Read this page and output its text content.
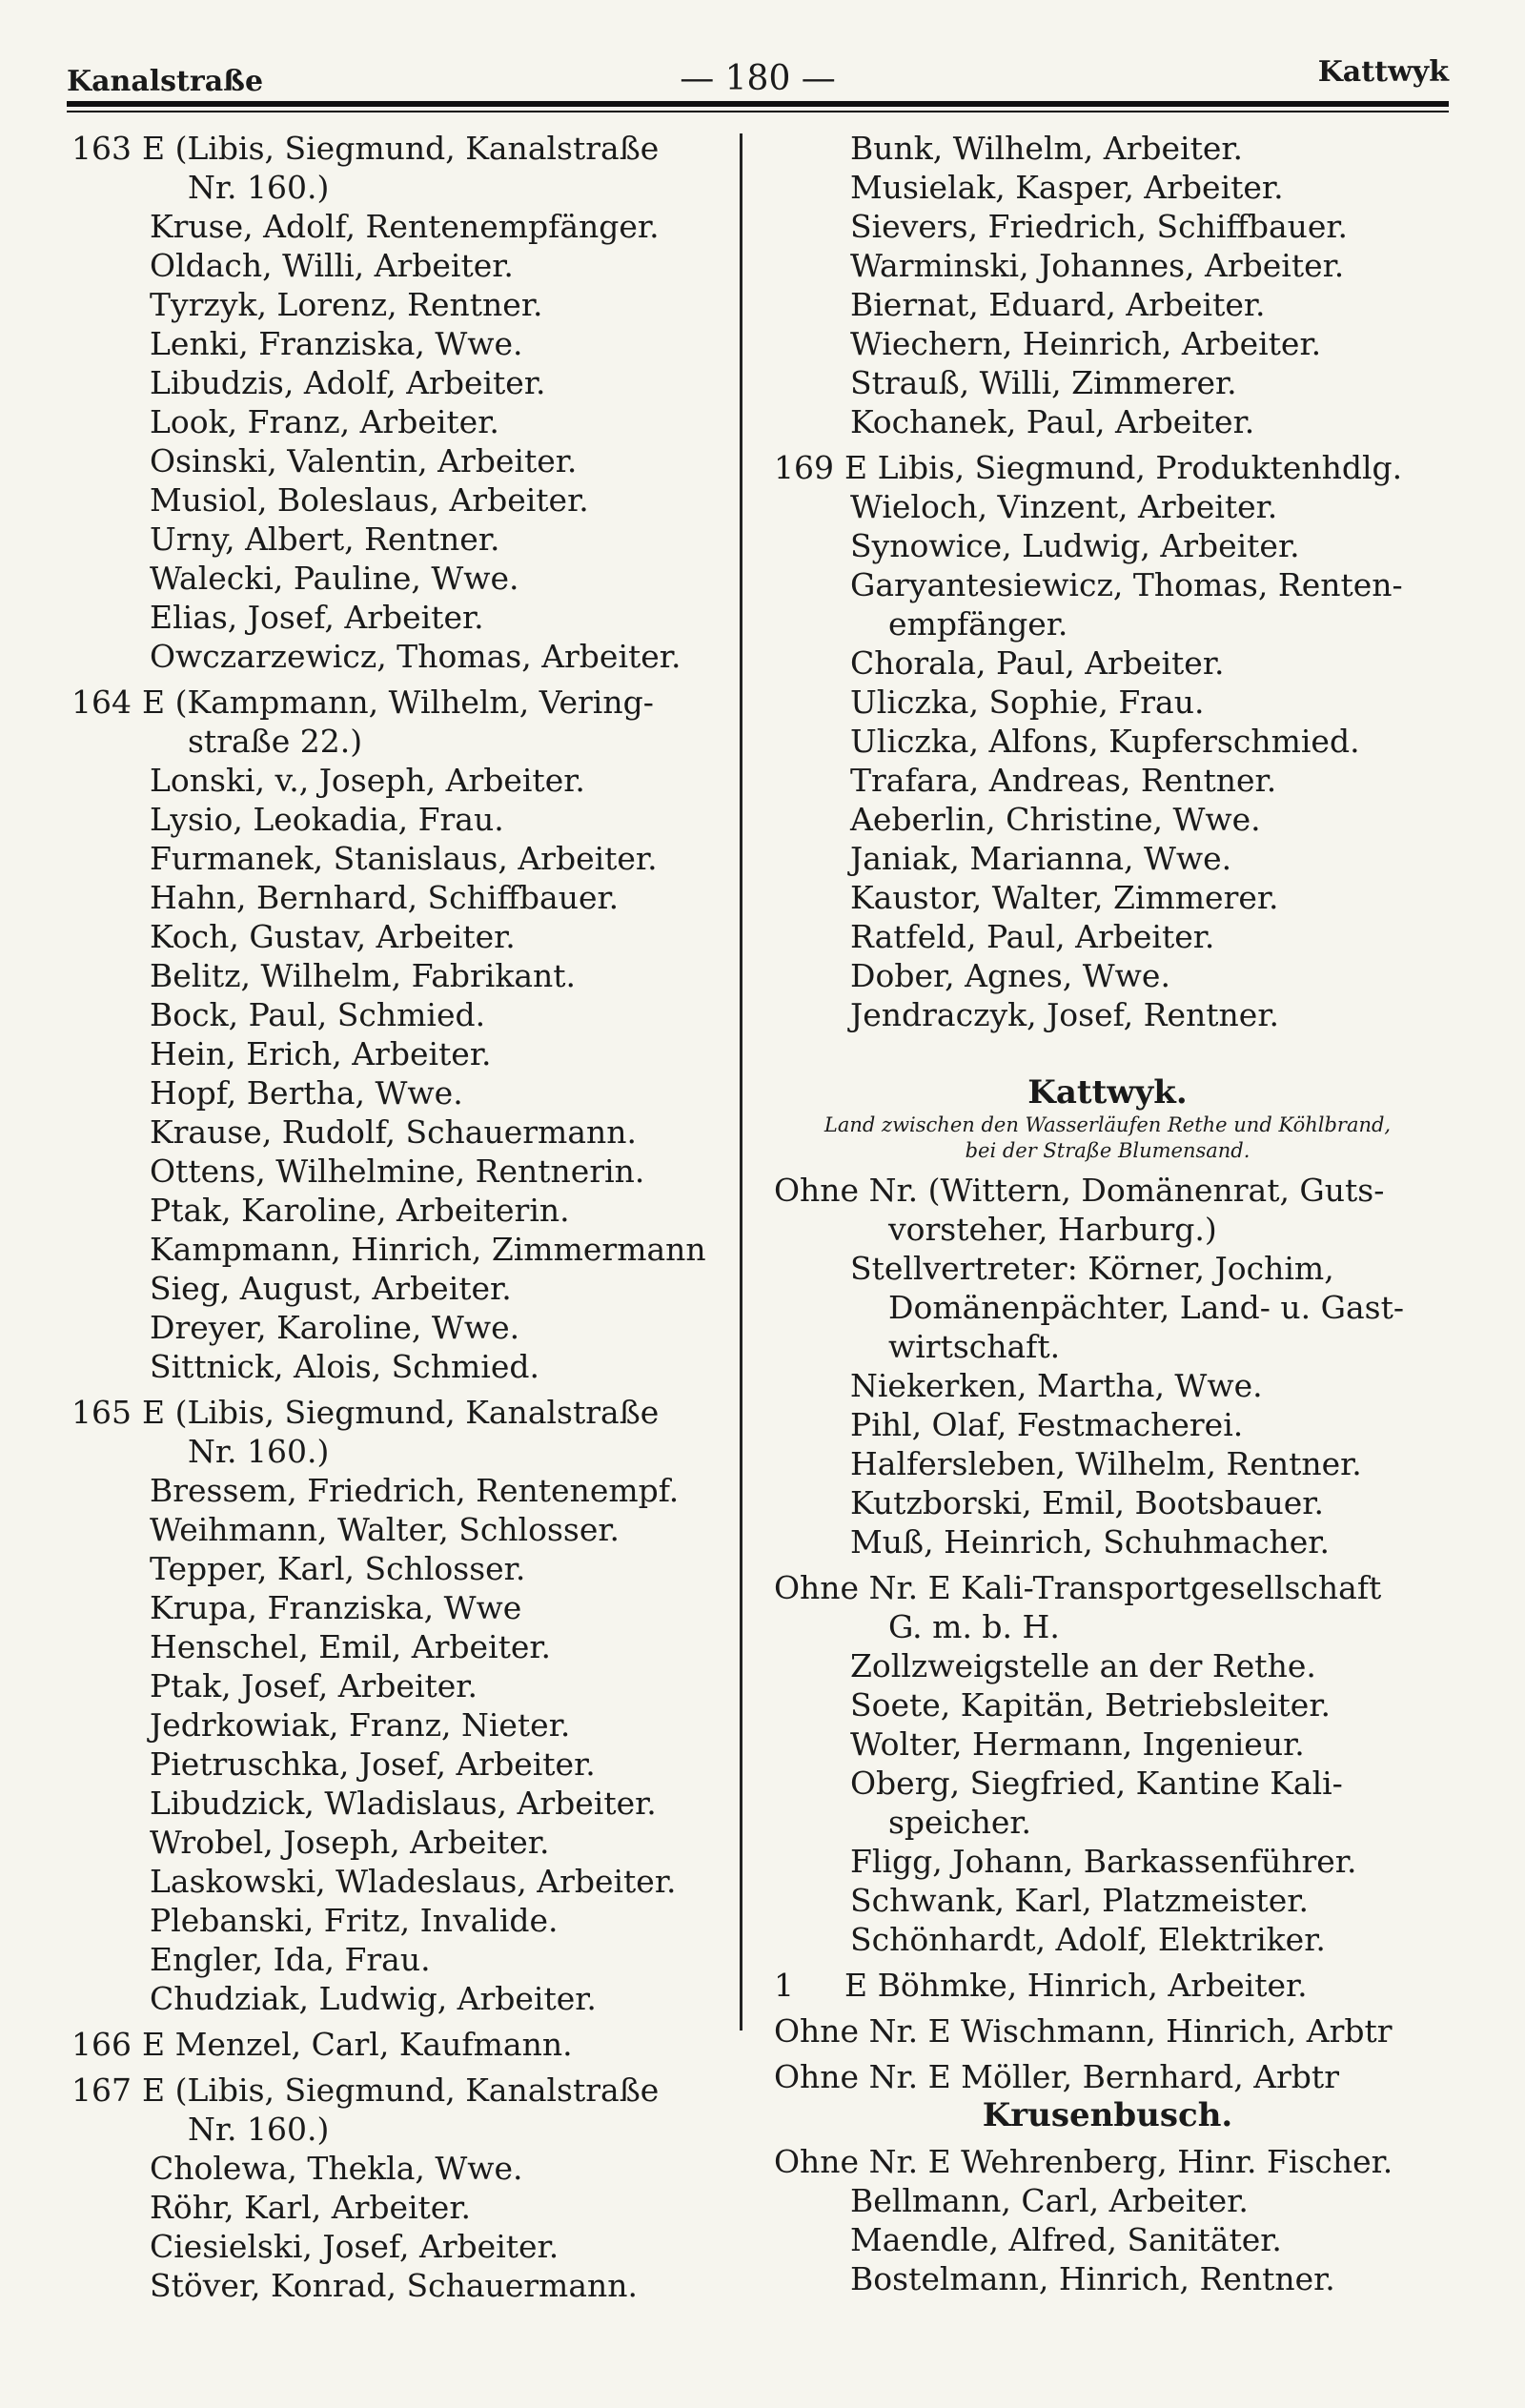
Kanalstraße	— 180 —	Kattwyk
163 E (Libis, Siegmund, Kanalstraße
Nr. 160.)
Kruse, Adolf, Rentenempfänger.
Oldach, Willi, Arbeiter.
Tyrzyk, Lorenz, Rentner.
Lenki, Franziska, Wwe.
Libudzis, Adolf, Arbeiter.
Look, Franz, Arbeiter.
Osinski, Valentin, Arbeiter.
Musiol, Boleslaus, Arbeiter.
Urny, Albert, Rentner.
Walecki, Pauline, Wwe.
Elias, Josef, Arbeiter.
Owczarzewicz, Thomas, Arbeiter.
164 E (Kampmann, Wilhelm, Vering-
straße 22.)
Lonski, v., Joseph, Arbeiter.
Lysio, Leokadia, Frau.
Furmanek, Stanislaus, Arbeiter.
Hahn, Bernhard, Schiffbauer.
Koch, Gustav, Arbeiter.
Belitz, Wilhelm, Fabrikant.
Bock, Paul, Schmied.
Hein, Erich, Arbeiter.
Hopf, Bertha, Wwe.
Krause, Rudolf, Schauermann.
Ottens, Wilhelmine, Rentnerin.
Ptak, Karoline, Arbeiterin.
Kampmann, Hinrich, Zimmermann
Sieg, August, Arbeiter.
Dreyer, Karoline, Wwe.
Sittnick, Alois, Schmied.
165 E (Libis, Siegmund, Kanalstraße
Nr. 160.)
Bressem, Friedrich, Rentenempf.
Weihmann, Walter, Schlosser.
Tepper, Karl, Schlosser.
Krupa, Franziska, Wwe
Henschel, Emil, Arbeiter.
Ptak, Josef, Arbeiter.
Jedrkowiak, Franz, Nieter.
Pietruschka, Josef, Arbeiter.
Libudzick, Wladislaus, Arbeiter.
Wrobel, Joseph, Arbeiter.
Laskowski, Wladeslaus, Arbeiter.
Plebanski, Fritz, Invalide.
Engler, Ida, Frau.
Chudziak, Ludwig, Arbeiter.
166 E Menzel, Carl, Kaufmann.
167 E (Libis, Siegmund, Kanalstraße
Nr. 160.)
Cholewa, Thekla, Wwe.
Röhr, Karl, Arbeiter.
Ciesielski, Josef, Arbeiter.
Stöver, Konrad, Schauermann.
Bunk, Wilhelm, Arbeiter.
Musielak, Kasper, Arbeiter.
Sievers, Friedrich, Schiffbauer.
Warminski, Johannes, Arbeiter.
Biernat, Eduard, Arbeiter.
Wiechern, Heinrich, Arbeiter.
Strauß, Willi, Zimmerer.
Kochanek, Paul, Arbeiter.
169 E Libis, Siegmund, Produktenhdlg.
Wieloch, Vinzent, Arbeiter.
Synowice, Ludwig, Arbeiter.
Garyantesiewicz, Thomas, Renten-
empfänger.
Chorala, Paul, Arbeiter.
Uliczka, Sophie, Frau.
Uliczka, Alfons, Kupferschmied.
Trafara, Andreas, Rentner.
Aeberlin, Christine, Wwe.
Janiak, Marianna, Wwe.
Kaustor, Walter, Zimmerer.
Ratfeld, Paul, Arbeiter.
Dober, Agnes, Wwe.
Jendraczyk, Josef, Rentner.
Kattwyk.
Land zwischen den Wasserläufen Rethe und Köhlbrand,
bei der Straße Blumensand.
Ohne Nr. (Wittern, Domänenrat, Guts-
vorsteher, Harburg.)
Stellvertreter: Körner, Jochim,
Domänenpächter, Land- u. Gast-
wirtschaft.
Niekerken, Martha, Wwe.
Pihl, Olaf, Festmacherei.
Halfersleben, Wilhelm, Rentner.
Kutzborski, Emil, Bootsbauer.
Muß, Heinrich, Schuhmacher.
Ohne Nr. E Kali-Transportgesellschaft
G. m. b. H.
Zollzweigstelle an der Rethe.
Soete, Kapitän, Betriebsleiter.
Wolter, Hermann, Ingenieur.
Oberg, Siegfried, Kantine Kali-
speicher.
Fligg, Johann, Barkassenführer.
Schwank, Karl, Platzmeister.
Schönhardt, Adolf, Elektriker.
1 E Böhmke, Hinrich, Arbeiter.
Ohne Nr. E Wischmann, Hinrich, Arbtr
Ohne Nr. E Möller, Bernhard, Arbtr
Krusenbusch.
Ohne Nr. E Wehrenberg, Hinr. Fischer.
Bellmann, Carl, Arbeiter.
Maendle, Alfred, Sanitäter.
Bostelmann, Hinrich, Rentner.
